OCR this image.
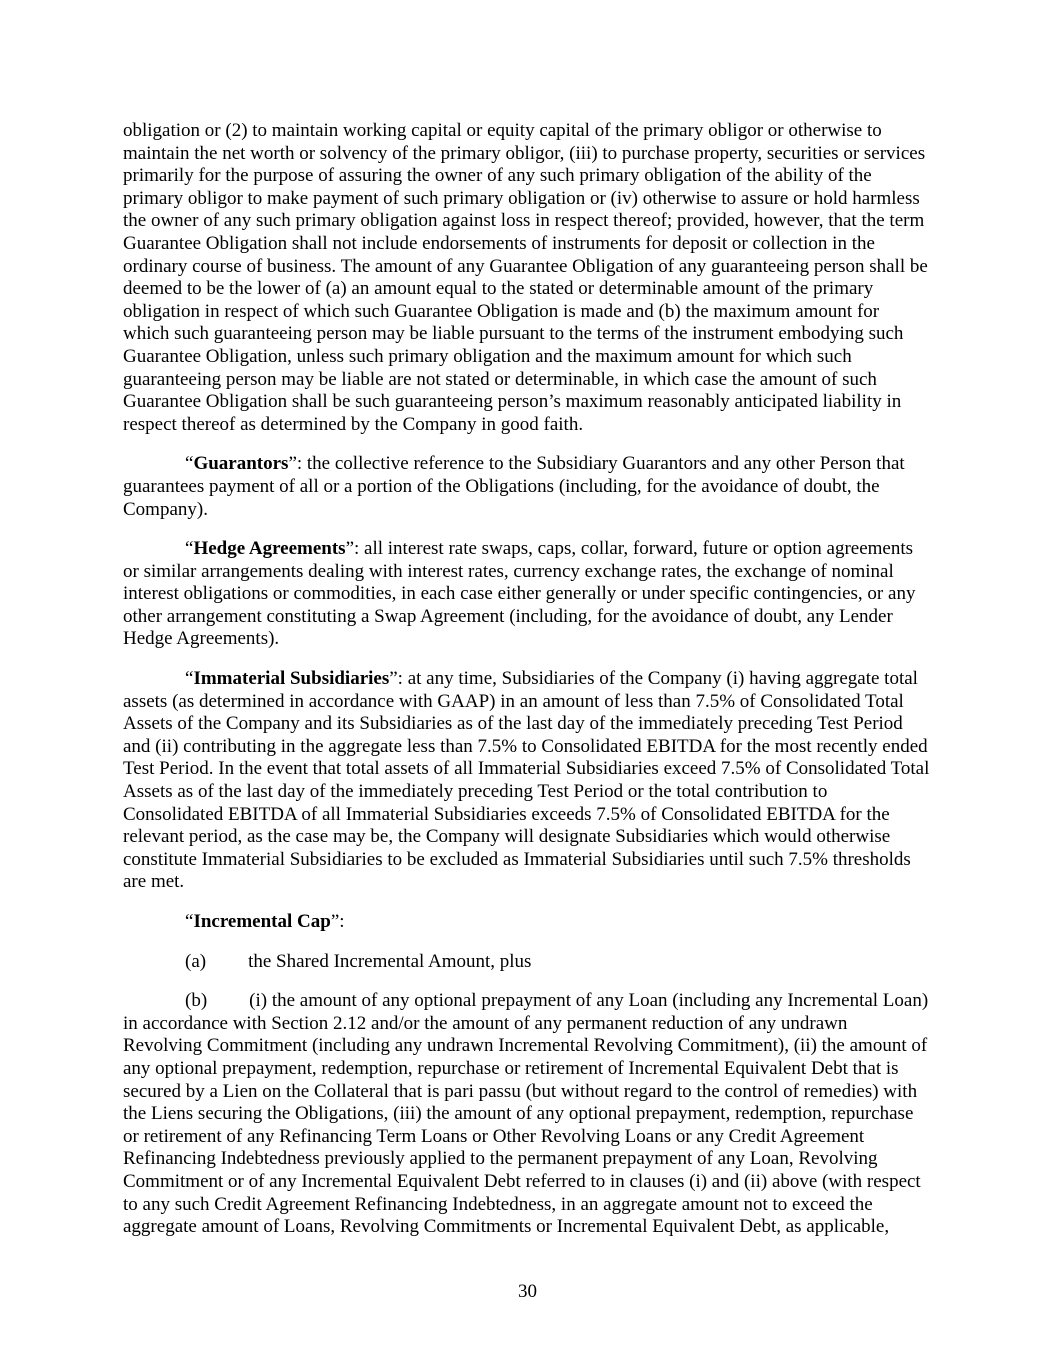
obligation or (2) to maintain working capital or equity capital of the primary obligor or otherwise to maintain the net worth or solvency of the primary obligor, (iii) to purchase property, securities or services primarily for the purpose of assuring the owner of any such primary obligation of the ability of the primary obligor to make payment of such primary obligation or (iv) otherwise to assure or hold harmless the owner of any such primary obligation against loss in respect thereof; provided, however, that the term Guarantee Obligation shall not include endorsements of instruments for deposit or collection in the ordinary course of business. The amount of any Guarantee Obligation of any guaranteeing person shall be deemed to be the lower of (a) an amount equal to the stated or determinable amount of the primary obligation in respect of which such Guarantee Obligation is made and (b) the maximum amount for which such guaranteeing person may be liable pursuant to the terms of the instrument embodying such Guarantee Obligation, unless such primary obligation and the maximum amount for which such guaranteeing person may be liable are not stated or determinable, in which case the amount of such Guarantee Obligation shall be such guaranteeing person’s maximum reasonably anticipated liability in respect thereof as determined by the Company in good faith.

“Guarantors”: the collective reference to the Subsidiary Guarantors and any other Person that guarantees payment of all or a portion of the Obligations (including, for the avoidance of doubt, the Company).

“Hedge Agreements”: all interest rate swaps, caps, collar, forward, future or option agreements or similar arrangements dealing with interest rates, currency exchange rates, the exchange of nominal interest obligations or commodities, in each case either generally or under specific contingencies, or any other arrangement constituting a Swap Agreement (including, for the avoidance of doubt, any Lender Hedge Agreements).

“Immaterial Subsidiaries”: at any time, Subsidiaries of the Company (i) having aggregate total assets (as determined in accordance with GAAP) in an amount of less than 7.5% of Consolidated Total Assets of the Company and its Subsidiaries as of the last day of the immediately preceding Test Period and (ii) contributing in the aggregate less than 7.5% to Consolidated EBITDA for the most recently ended Test Period. In the event that total assets of all Immaterial Subsidiaries exceed 7.5% of Consolidated Total Assets as of the last day of the immediately preceding Test Period or the total contribution to Consolidated EBITDA of all Immaterial Subsidiaries exceeds 7.5% of Consolidated EBITDA for the relevant period, as the case may be, the Company will designate Subsidiaries which would otherwise constitute Immaterial Subsidiaries to be excluded as Immaterial Subsidiaries until such 7.5% thresholds are met.

“Incremental Cap”:

(a) the Shared Incremental Amount, plus

(b) (i) the amount of any optional prepayment of any Loan (including any Incremental Loan) in accordance with Section 2.12 and/or the amount of any permanent reduction of any undrawn Revolving Commitment (including any undrawn Incremental Revolving Commitment), (ii) the amount of any optional prepayment, redemption, repurchase or retirement of Incremental Equivalent Debt that is secured by a Lien on the Collateral that is pari passu (but without regard to the control of remedies) with the Liens securing the Obligations, (iii) the amount of any optional prepayment, redemption, repurchase or retirement of any Refinancing Term Loans or Other Revolving Loans or any Credit Agreement Refinancing Indebtedness previously applied to the permanent prepayment of any Loan, Revolving Commitment or of any Incremental Equivalent Debt referred to in clauses (i) and (ii) above (with respect to any such Credit Agreement Refinancing Indebtedness, in an aggregate amount not to exceed the aggregate amount of Loans, Revolving Commitments or Incremental Equivalent Debt, as applicable,

30
